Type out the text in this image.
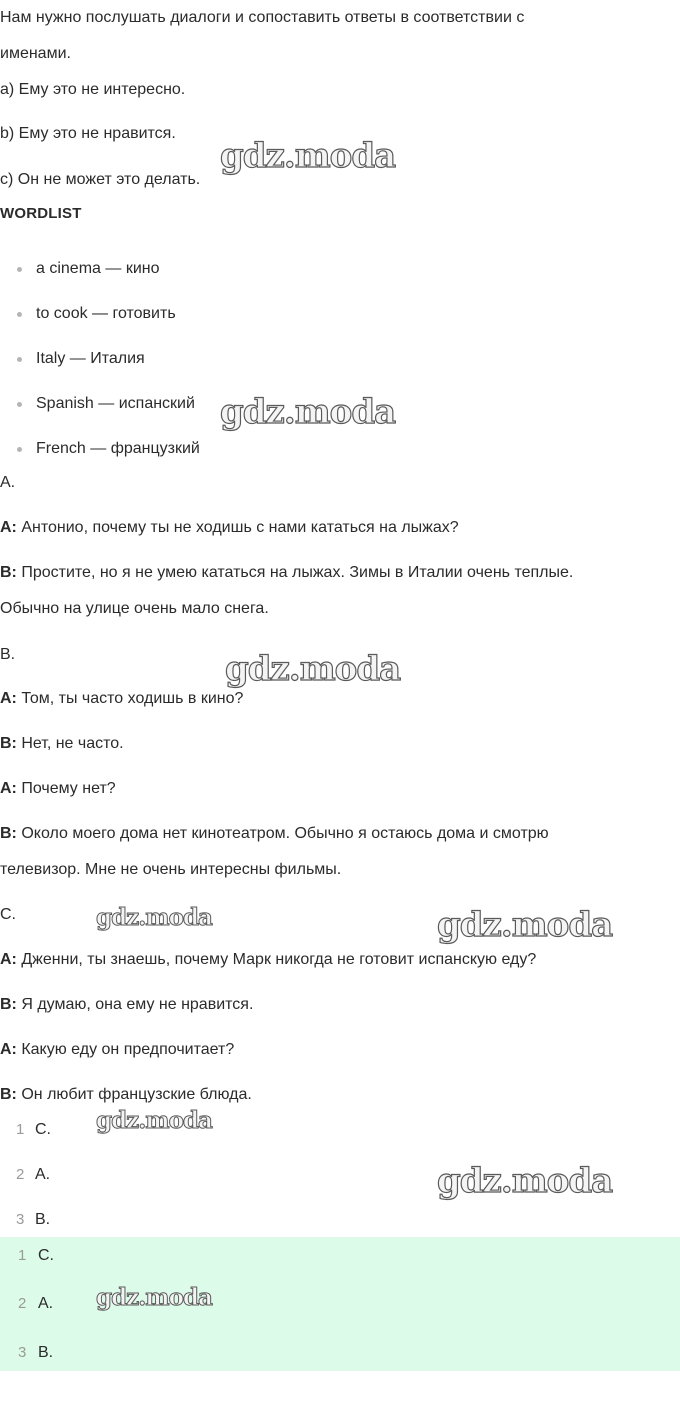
Нам нужно послушать диалоги и сопоставить ответы в соответствии с
именами.
а) Ему это не интересно.
b) Ему это не нравится.
c) Он не может это делать.
WORDLIST
a cinema — кино
to cook — готовить
Italy — Италия
Spanish — испанский
French — французкий
A.
A: Антонио, почему ты не ходишь с нами кататься на лыжах?
B: Простите, но я не умею кататься на лыжах. Зимы в Италии очень теплые.
Обычно на улице очень мало снега.
B.
A: Том, ты часто ходишь в кино?
B: Нет, не часто.
A: Почему нет?
B: Около моего дома нет кинотеатром. Обычно я остаюсь дома и смотрю
телевизор. Мне не очень интересны фильмы.
C.
A: Дженни, ты знаешь, почему Марк никогда не готовит испанскую еду?
B: Я думаю, она ему не нравится.
A: Какую еду он предпочитает?
B: Он любит французские блюда.
1 C.
2 A.
3 B.
1 C.
2 A.
3 B.
gdz.moda
gdz.moda
gdz.moda
gdz.moda	gdz.moda
gdz.moda
gdz.moda
gdz.moda
